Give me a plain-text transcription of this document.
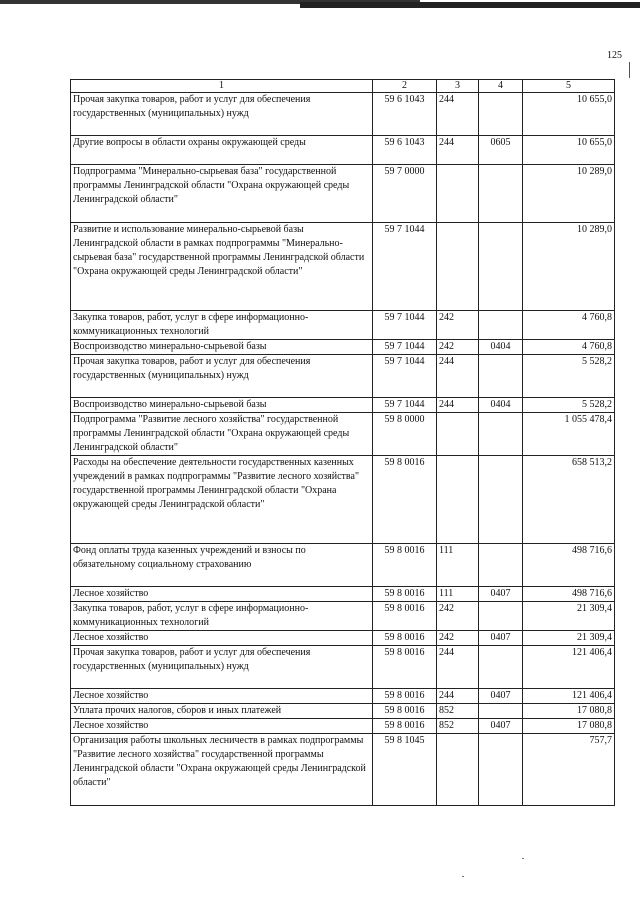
125
1	2	3	4	5
Прочая закупка товаров, работ и услуг для обеспечения государственных (муниципальных) нужд	59 6 1043	244		10 655,0
Другие вопросы в области охраны окружающей среды	59 6 1043	244	0605	10 655,0
Подпрограмма "Минерально-сырьевая база" государственной программы Ленинградской области "Охрана окружающей среды Ленинградской области"	59 7 0000			10 289,0
Развитие и использование минерально-сырьевой базы Ленинградской области в рамках подпрограммы "Минерально-сырьевая база" государственной программы Ленинградской области "Охрана окружающей среды Ленинградской области"	59 7 1044			10 289,0
Закупка товаров, работ, услуг в сфере информационно-коммуникационных технологий	59 7 1044	242		4 760,8
Воспроизводство минерально-сырьевой базы	59 7 1044	242	0404	4 760,8
Прочая закупка товаров, работ и услуг для обеспечения государственных (муниципальных) нужд	59 7 1044	244		5 528,2
Воспроизводство минерально-сырьевой базы	59 7 1044	244	0404	5 528,2
Подпрограмма "Развитие лесного хозяйства" государственной программы Ленинградской области "Охрана окружающей среды Ленинградской области"	59 8 0000			1 055 478,4
Расходы на обеспечение деятельности государственных казенных учреждений в рамках подпрограммы "Развитие лесного хозяйства" государственной программы Ленинградской области "Охрана окружающей среды Ленинградской области"	59 8 0016			658 513,2
Фонд оплаты труда казенных учреждений и взносы по обязательному социальному страхованию	59 8 0016	111		498 716,6
Лесное хозяйство	59 8 0016	111	0407	498 716,6
Закупка товаров, работ, услуг в сфере информационно-коммуникационных технологий	59 8 0016	242		21 309,4
Лесное хозяйство	59 8 0016	242	0407	21 309,4
Прочая закупка товаров, работ и услуг для обеспечения государственных (муниципальных) нужд	59 8 0016	244		121 406,4
Лесное хозяйство	59 8 0016	244	0407	121 406,4
Уплата прочих налогов, сборов и иных платежей	59 8 0016	852		17 080,8
Лесное хозяйство	59 8 0016	852	0407	17 080,8
Организация работы школьных лесничеств в рамках подпрограммы "Развитие лесного хозяйства" государственной программы Ленинградской области "Охрана окружающей среды Ленинградской области"	59 8 1045			757,7
